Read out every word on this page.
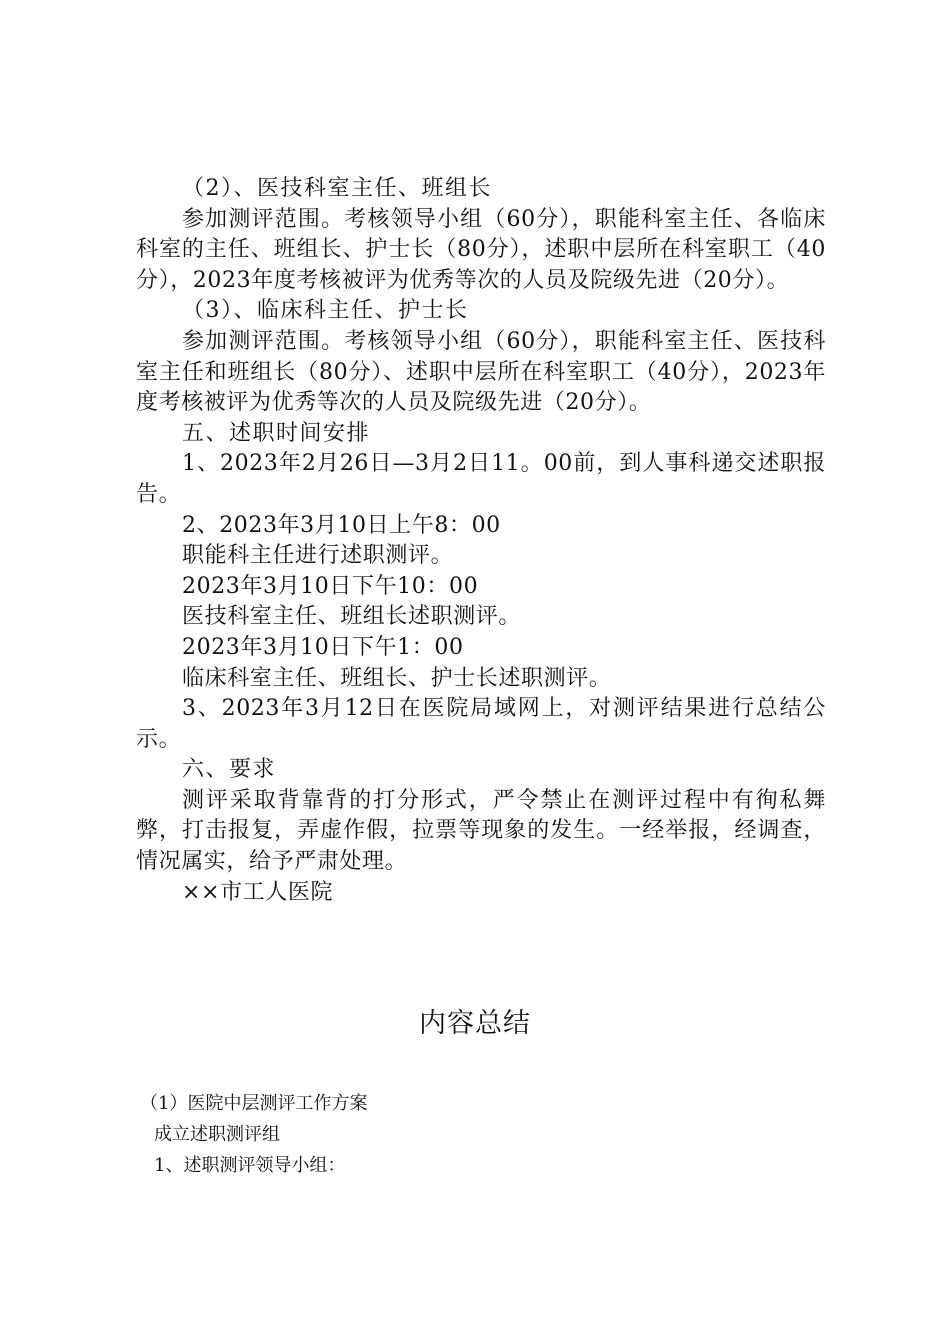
（2）、医技科室主任、班组长

参加测评范围。考核领导小组（60分），职能科室主任、各临床科室的主任、班组长、护士长（80分），述职中层所在科室职工（40分），2023年度考核被评为优秀等次的人员及院级先进（20分）。

（3）、临床科主任、护士长

参加测评范围。考核领导小组（60分），职能科室主任、医技科室主任和班组长（80分）、述职中层所在科室职工（40分），2023年度考核被评为优秀等次的人员及院级先进（20分）。

五、述职时间安排

1、2023年2月26日—3月2日11。00前，到人事科递交述职报告。

2、2023年3月10日上午8：00

职能科主任进行述职测评。

2023年3月10日下午10：00

医技科室主任、班组长述职测评。

2023年3月10日下午1：00

临床科室主任、班组长、护士长述职测评。

3、2023年3月12日在医院局域网上，对测评结果进行总结公示。

六、要求

测评采取背靠背的打分形式，严令禁止在测评过程中有徇私舞弊，打击报复，弄虚作假，拉票等现象的发生。一经举报，经调查，情况属实，给予严肃处理。

××市工人医院

内容总结

（1）医院中层测评工作方案

成立述职测评组

1、述职测评领导小组：
